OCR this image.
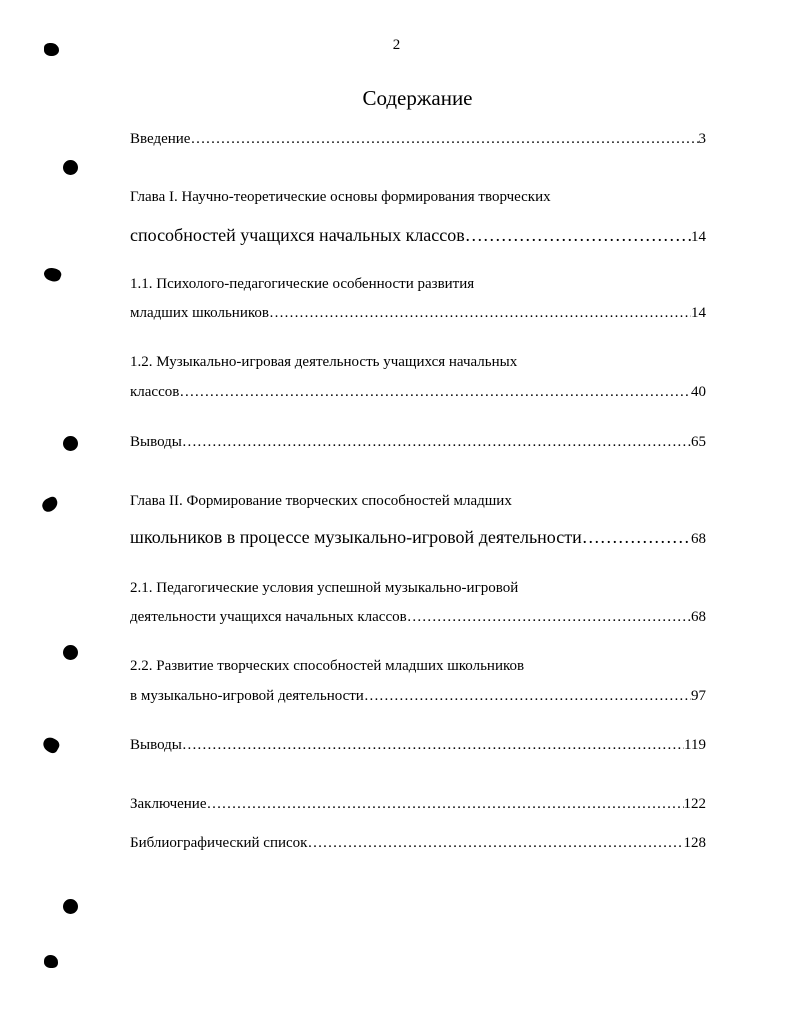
2
Содержание
Введение …………………………………………………………………………………………………………………………………………………………	3
Глава I. Научно-теоретические основы формирования творческих
способностей учащихся начальных классов …………………………………………………………………………………………………………………………………………………………	14
1.1. Психолого-педагогические особенности развития
младших школьников …………………………………………………………………………………………………………………………………………………………	14
1.2. Музыкально-игровая деятельность учащихся начальных
классов …………………………………………………………………………………………………………………………………………………………	40
Выводы …………………………………………………………………………………………………………………………………………………………	65
Глава II. Формирование творческих способностей младших
школьников в процессе музыкально-игровой деятельности …………………………………………………………………………………………………………………………………………………………	68
2.1. Педагогические условия успешной музыкально-игровой
деятельности учащихся начальных классов …………………………………………………………………………………………………………………………………………………………	68
2.2. Развитие творческих способностей младших школьников
в музыкально-игровой деятельности …………………………………………………………………………………………………………………………………………………………	97
Выводы …………………………………………………………………………………………………………………………………………………………	119
Заключение …………………………………………………………………………………………………………………………………………………………	122
Библиографический список …………………………………………………………………………………………………………………………………………………………	128
